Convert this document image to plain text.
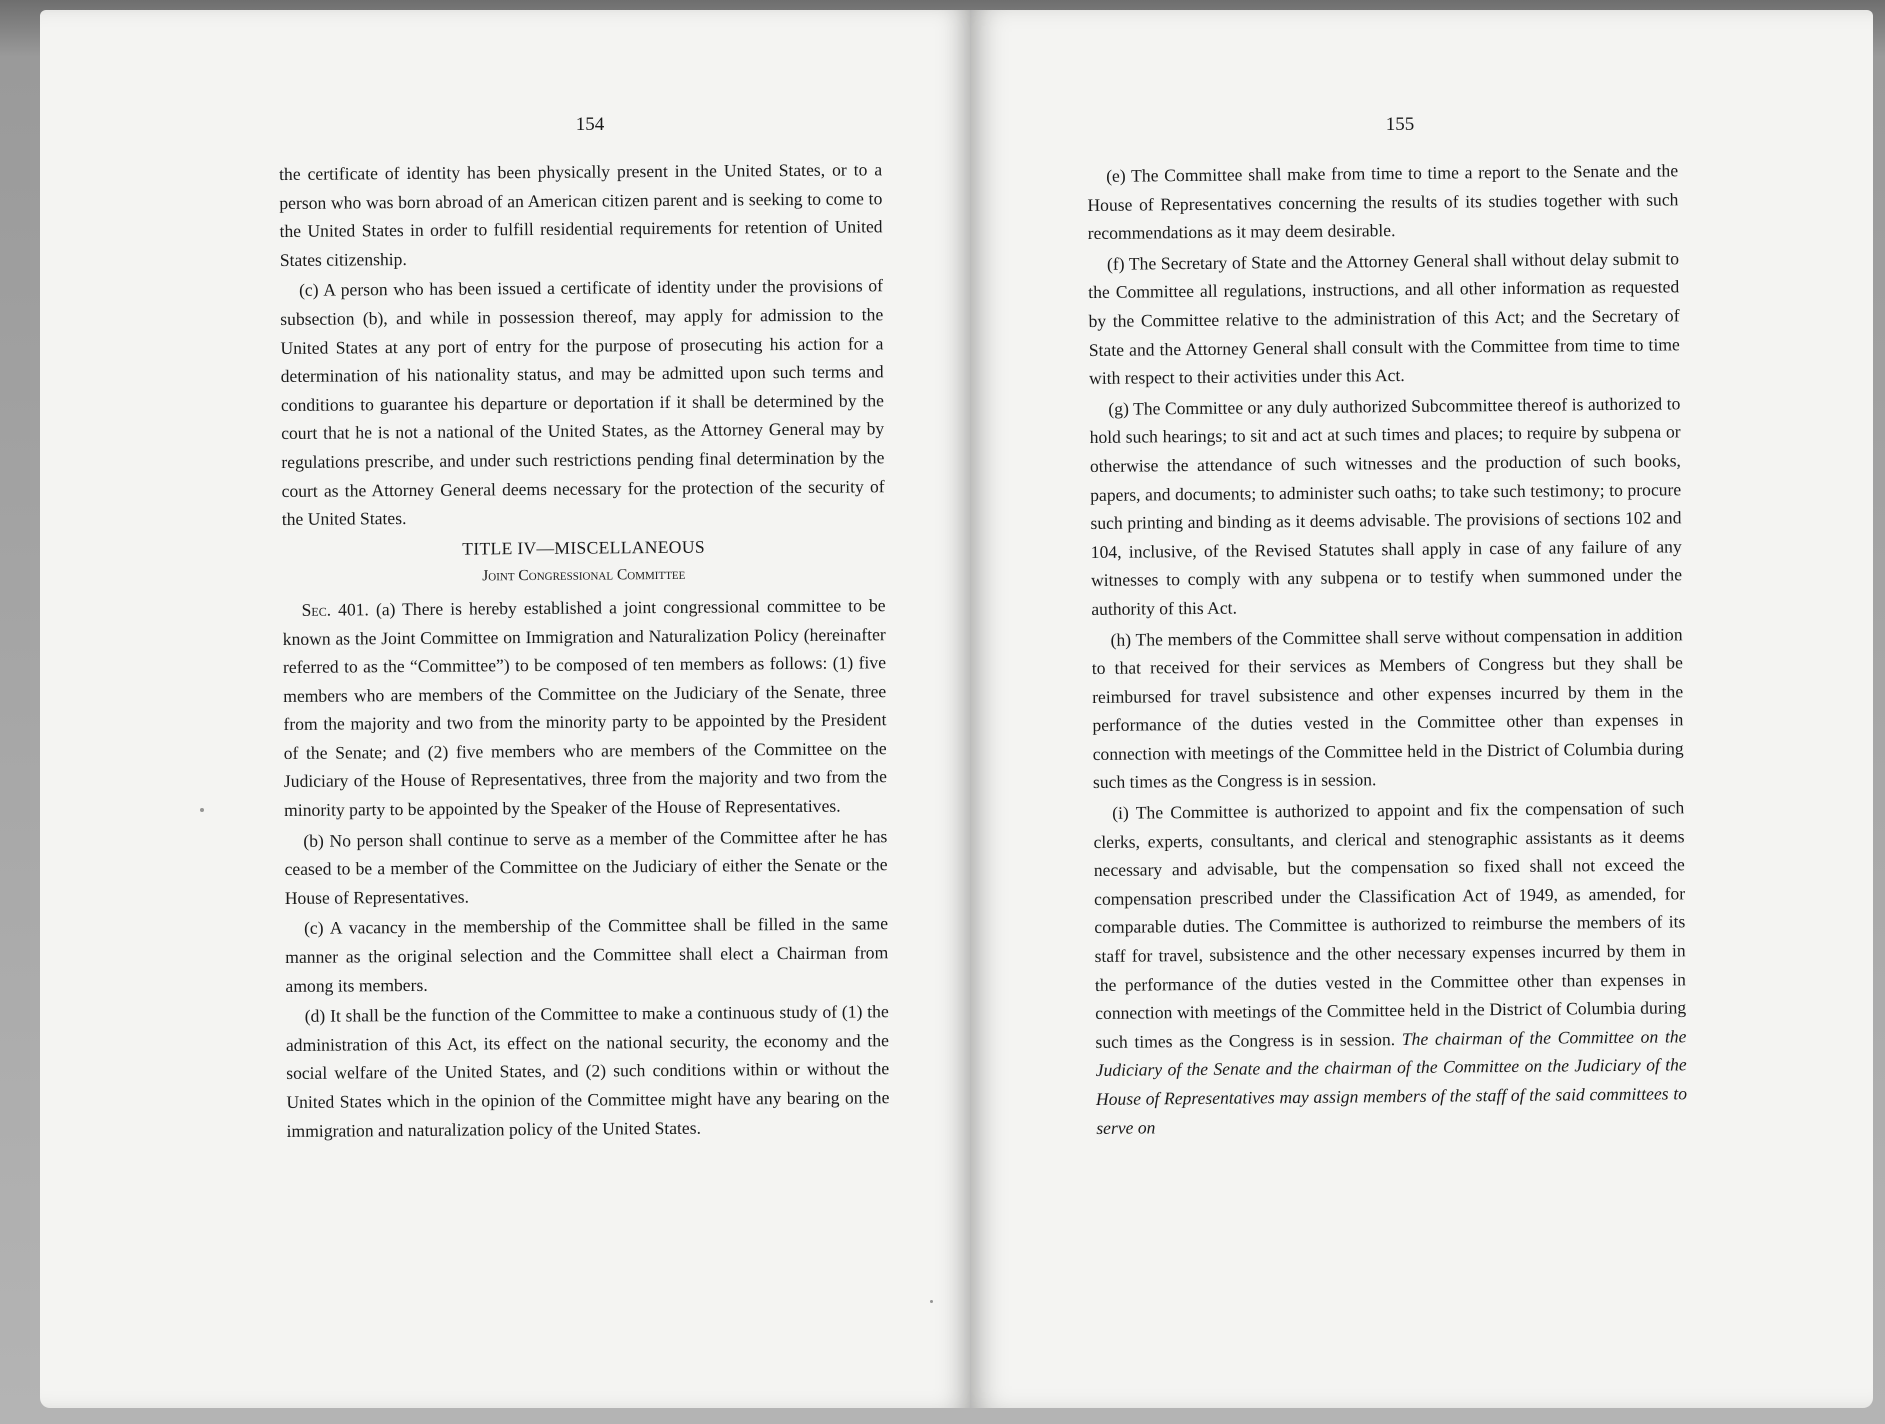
154

the certificate of identity has been physically present in the United States, or to a person who was born abroad of an American citizen parent and is seeking to come to the United States in order to fulfill residential requirements for retention of United States citizenship.

(c) A person who has been issued a certificate of identity under the provisions of subsection (b), and while in possession thereof, may apply for admission to the United States at any port of entry for the purpose of prosecuting his action for a determination of his nationality status, and may be admitted upon such terms and conditions to guarantee his departure or deportation if it shall be determined by the court that he is not a national of the United States, as the Attorney General may by regulations prescribe, and under such restrictions pending final determination by the court as the Attorney General deems necessary for the protection of the security of the United States.

TITLE IV—MISCELLANEOUS

Joint Congressional Committee

Sec. 401. (a) There is hereby established a joint congressional committee to be known as the Joint Committee on Immigration and Naturalization Policy (hereinafter referred to as the “Committee”) to be composed of ten members as follows: (1) five members who are members of the Committee on the Judiciary of the Senate, three from the majority and two from the minority party to be appointed by the President of the Senate; and (2) five members who are members of the Committee on the Judiciary of the House of Representatives, three from the majority and two from the minority party to be appointed by the Speaker of the House of Representatives.

(b) No person shall continue to serve as a member of the Committee after he has ceased to be a member of the Committee on the Judiciary of either the Senate or the House of Representatives.

(c) A vacancy in the membership of the Committee shall be filled in the same manner as the original selection and the Committee shall elect a Chairman from among its members.

(d) It shall be the function of the Committee to make a continuous study of (1) the administration of this Act, its effect on the national security, the economy and the social welfare of the United States, and (2) such conditions within or without the United States which in the opinion of the Committee might have any bearing on the immigration and naturalization policy of the United States.

155

(e) The Committee shall make from time to time a report to the Senate and the House of Representatives concerning the results of its studies together with such recommendations as it may deem desirable.

(f) The Secretary of State and the Attorney General shall without delay submit to the Committee all regulations, instructions, and all other information as requested by the Committee relative to the administration of this Act; and the Secretary of State and the Attorney General shall consult with the Committee from time to time with respect to their activities under this Act.

(g) The Committee or any duly authorized Subcommittee thereof is authorized to hold such hearings; to sit and act at such times and places; to require by subpena or otherwise the attendance of such witnesses and the production of such books, papers, and documents; to administer such oaths; to take such testimony; to procure such printing and binding as it deems advisable. The provisions of sections 102 and 104, inclusive, of the Revised Statutes shall apply in case of any failure of any witnesses to comply with any subpena or to testify when summoned under the authority of this Act.

(h) The members of the Committee shall serve without compensation in addition to that received for their services as Members of Congress but they shall be reimbursed for travel subsistence and other expenses incurred by them in the performance of the duties vested in the Committee other than expenses in connection with meetings of the Committee held in the District of Columbia during such times as the Congress is in session.

(i) The Committee is authorized to appoint and fix the compensation of such clerks, experts, consultants, and clerical and stenographic assistants as it deems necessary and advisable, but the compensation so fixed shall not exceed the compensation prescribed under the Classification Act of 1949, as amended, for comparable duties. The Committee is authorized to reimburse the members of its staff for travel, subsistence and the other necessary expenses incurred by them in the performance of the duties vested in the Committee other than expenses in connection with meetings of the Committee held in the District of Columbia during such times as the Congress is in session. The chairman of the Committee on the Judiciary of the Senate and the chairman of the Committee on the Judiciary of the House of Representatives may assign members of the staff of the said committees to serve on
